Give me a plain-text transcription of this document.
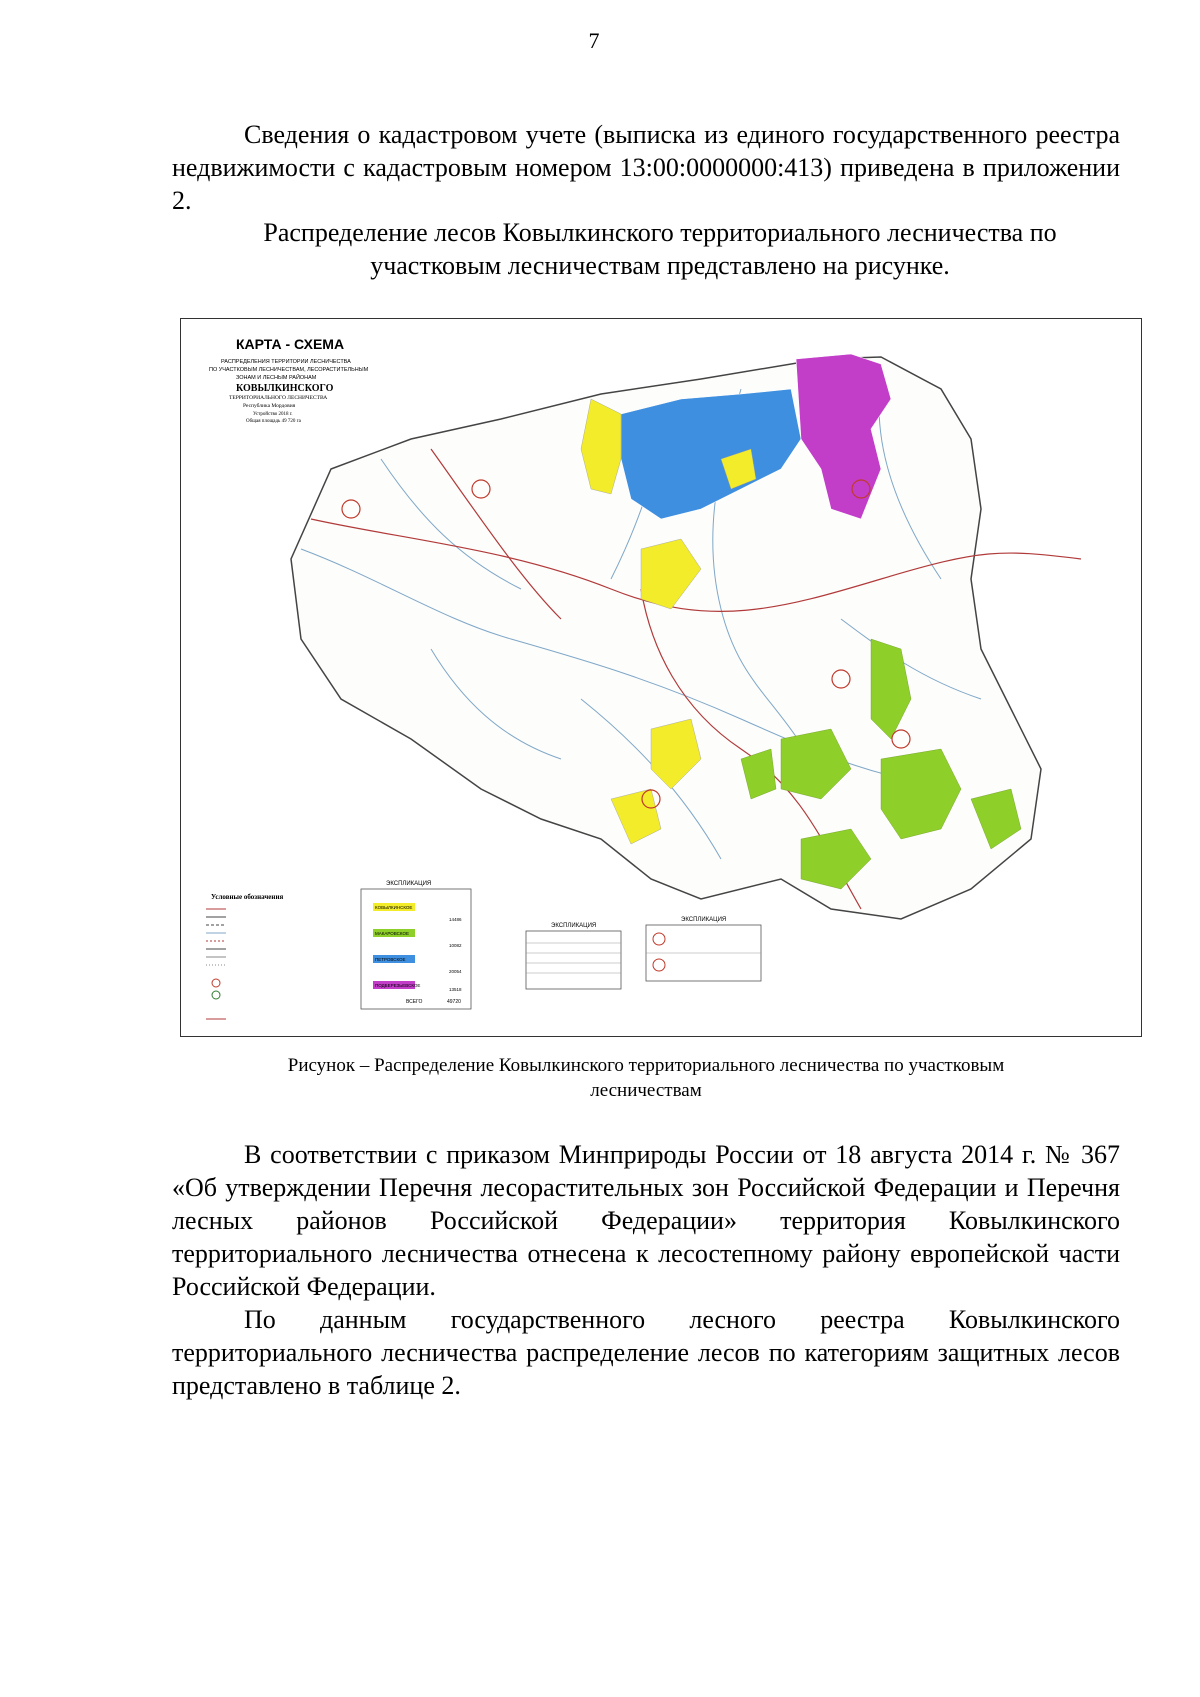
7

Сведения о кадастровом учете (выписка из единого государственного реестра недвижимости с кадастровым номером 13:00:0000000:413) приведена в приложении 2.

Распределение лесов Ковылкинского территориального лесничества по участковым лесничествам представлено на рисунке.

КАРТА - СХЕМА
РАСПРЕДЕЛЕНИЯ ТЕРРИТОРИИ ЛЕСНИЧЕСТВА
ПО УЧАСТКОВЫМ ЛЕСНИЧЕСТВАМ, ЛЕСОРАСТИТЕЛЬНЫМ
ЗОНАМ И ЛЕСНЫМ РАЙОНАМ
КОВЫЛКИНСКОГО
ТЕРРИТОРИАЛЬНОГО ЛЕСНИЧЕСТВА
Республика Мордовия
Устройство 2018 г.
Общая площадь 49 720 га
Условные обозначения
ЭКСПЛИКАЦИЯ
КОВЫЛКИНСКОЕ
14486
МАКАРОВСКОЕ
10082
ПЕТРОВСКОЕ
20054
ПОДБЕРЕЗЬЕВСКОЕ
13518
ВСЕГО	49720
ЭКСПЛИКАЦИЯ
ЭКСПЛИКАЦИЯ
Рисунок – Распределение Ковылкинского территориального лесничества по участковым
лесничествам

В соответствии с приказом Минприроды России от 18 августа 2014 г. № 367 «Об утверждении Перечня лесорастительных зон Российской Федерации и Перечня лесных районов Российской Федерации» территория Ковылкинского территориального лесничества отнесена к лесостепному району европейской части Российской Федерации.

По данным государственного лесного реестра Ковылкинского территориального лесничества распределение лесов по категориям защитных лесов представлено в таблице 2.
